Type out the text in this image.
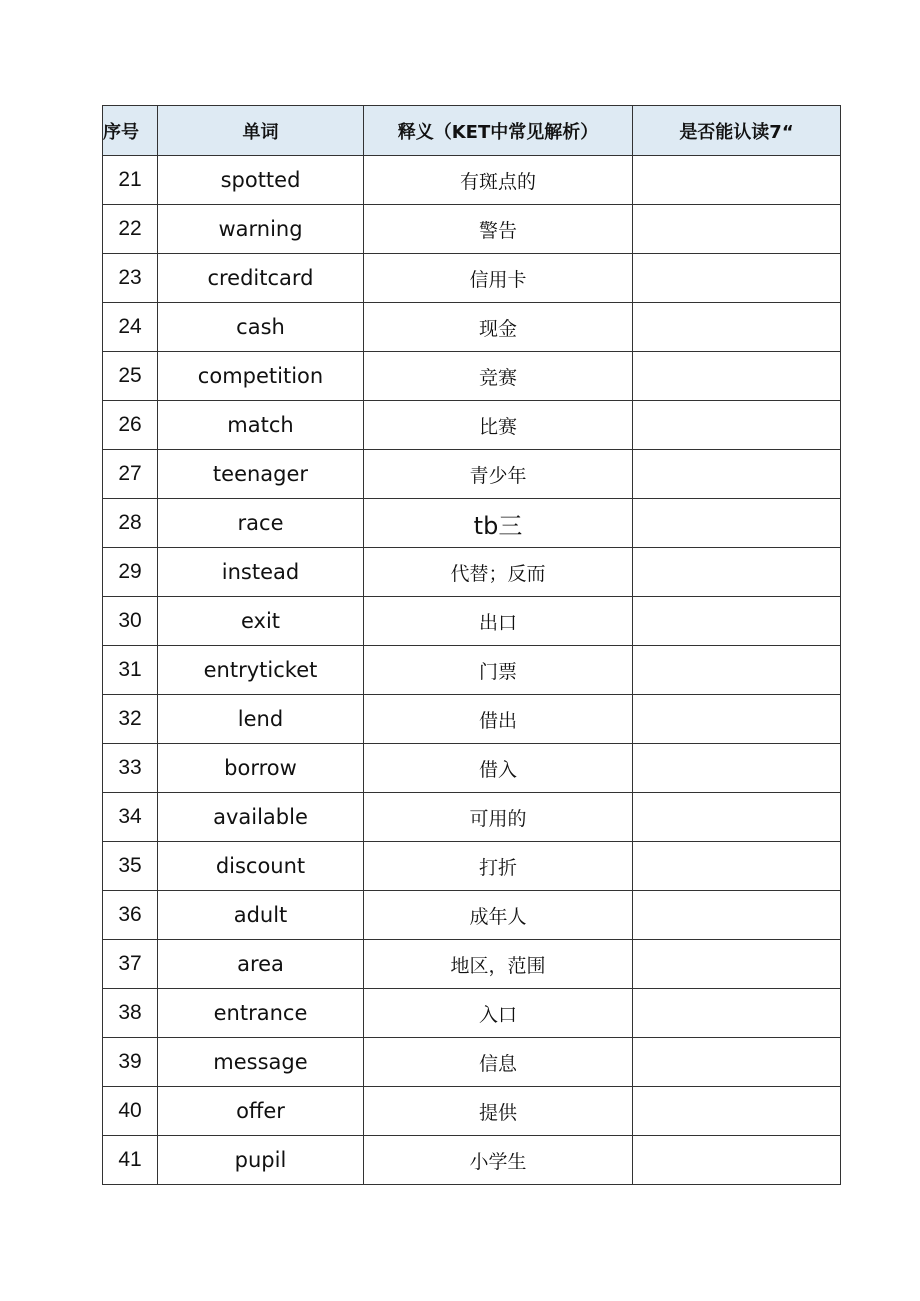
序号	单词	释义（KET中常见解析）	是否能认读7“
21	spotted	有斑点的	
22	warning	警告	
23	creditcard	信用卡	
24	cash	现金	
25	competition	竞赛	
26	match	比赛	
27	teenager	青少年	
28	race	tb三	
29	instead	代替；反而	
30	exit	出口	
31	entryticket	门票	
32	lend	借出	
33	borrow	借入	
34	available	可用的	
35	discount	打折	
36	adult	成年人	
37	area	地区，范围	
38	entrance	入口	
39	message	信息	
40	offer	提供	
41	pupil	小学生	
